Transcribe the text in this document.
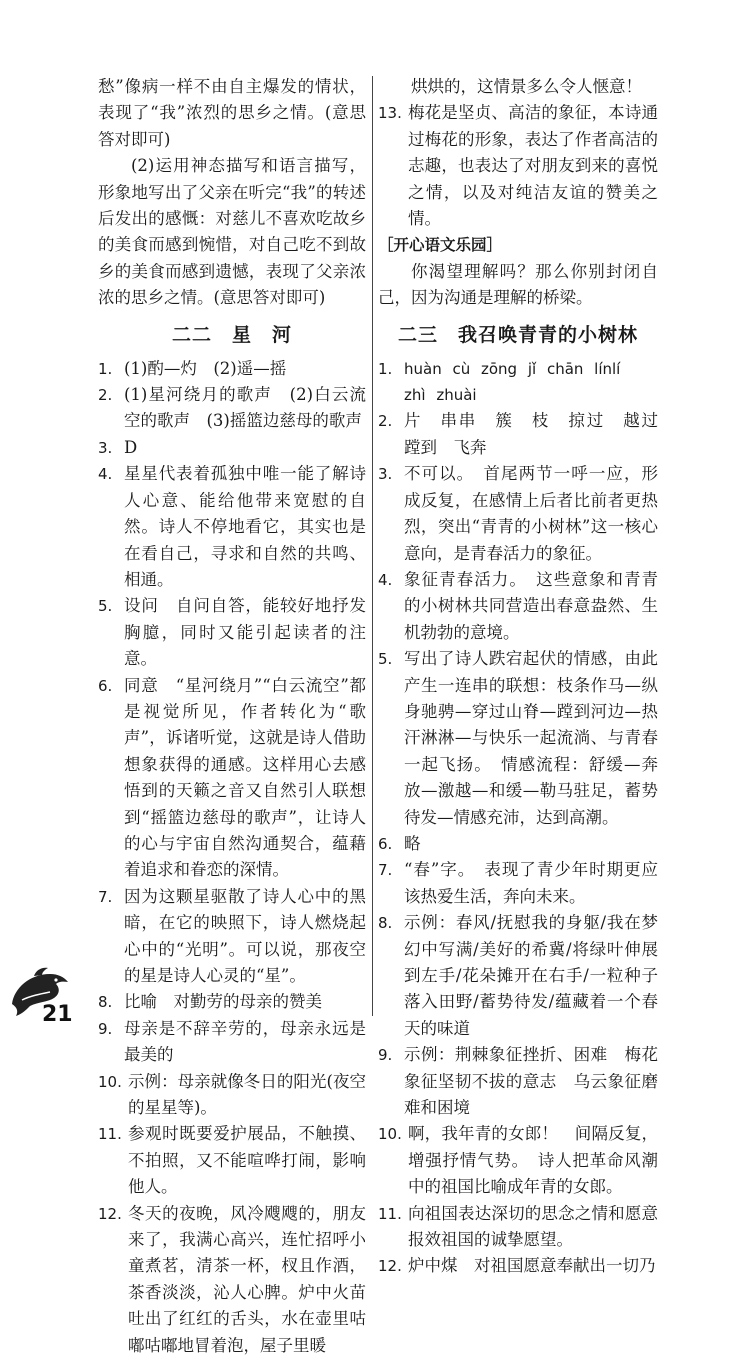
愁”像病一样不由自主爆发的情状，表现了“我”浓烈的思乡之情。(意思答对即可)

(2)运用神态描写和语言描写，形象地写出了父亲在听完“我”的转述后发出的感慨：对慈儿不喜欢吃故乡的美食而感到惋惜，对自己吃不到故乡的美食而感到遗憾，表现了父亲浓浓的思乡之情。(意思答对即可)

二二　星　河
1. (1)酌—灼　(2)遥—摇

2. (1)星河绕月的歌声　(2)白云流空的歌声　(3)摇篮边慈母的歌声

3. D

4. 星星代表着孤独中唯一能了解诗人心意、能给他带来宽慰的自然。诗人不停地看它，其实也是在看自己，寻求和自然的共鸣、相通。

5. 设问　自问自答，能较好地抒发胸臆，同时又能引起读者的注意。

6. 同意　“星河绕月”“白云流空”都是视觉所见，作者转化为“歌声”，诉诸听觉，这就是诗人借助想象获得的通感。这样用心去感悟到的天籁之音又自然引人联想到“摇篮边慈母的歌声”，让诗人的心与宇宙自然沟通契合，蕴藉着追求和眷恋的深情。

7. 因为这颗星驱散了诗人心中的黑暗，在它的映照下，诗人燃烧起心中的“光明”。可以说，那夜空的星是诗人心灵的“星”。

8. 比喻　对勤劳的母亲的赞美

9. 母亲是不辞辛劳的，母亲永远是最美的

10. 示例：母亲就像冬日的阳光(夜空的星星等)。

11. 参观时既要爱护展品，不触摸、不拍照，又不能喧哗打闹，影响他人。

12. 冬天的夜晚，风冷飕飕的，朋友来了，我满心高兴，连忙招呼小童煮茗，清茶一杯，杈且作酒，茶香淡淡，沁人心脾。炉中火苗吐出了红红的舌头，水在壶里咕嘟咕嘟地冒着泡，屋子里暖

烘烘的，这情景多么令人惬意！

13. 梅花是坚贞、高洁的象征，本诗通过梅花的形象，表达了作者高洁的志趣，也表达了对朋友到来的喜悦之情，以及对纯洁友谊的赞美之情。

［开心语文乐园］

你渴望理解吗？那么你别封闭自己，因为沟通是理解的桥梁。

二三　我召唤青青的小树林
1. huàn cù zōng jǐ chān línlí
zhì zhuài
2. 片　串串　簇　枝　掠过　越过　蹚到　飞奔

3. 不可以。　首尾两节一呼一应，形成反复，在感情上后者比前者更热烈，突出“青青的小树林”这一核心意向，是青春活力的象征。

4. 象征青春活力。　这些意象和青青的小树林共同营造出春意盎然、生机勃勃的意境。

5. 写出了诗人跌宕起伏的情感，由此产生一连串的联想：枝条作马—纵身驰骋—穿过山脊—蹚到河边—热汗淋淋—与快乐一起流淌、与青春一起飞扬。　情感流程：舒缓—奔放—激越—和缓—勒马驻足，蓄势待发—情感充沛，达到高潮。

6. 略

7. “春”字。　表现了青少年时期更应该热爱生活，奔向未来。

8. 示例：春风/抚慰我的身躯/我在梦幻中写满/美好的希冀/将绿叶伸展到左手/花朵摊开在右手/一粒种子落入田野/蓄势待发/蕴藏着一个春天的味道

9. 示例：荆棘象征挫折、困难　梅花象征坚韧不拔的意志　乌云象征磨难和困境

10. 啊，我年青的女郎！　间隔反复，增强抒情气势。　诗人把革命风潮中的祖国比喻成年青的女郎。

11. 向祖国表达深切的思念之情和愿意报效祖国的诚挚愿望。

12. 炉中煤　对祖国愿意奉献出一切乃

21
